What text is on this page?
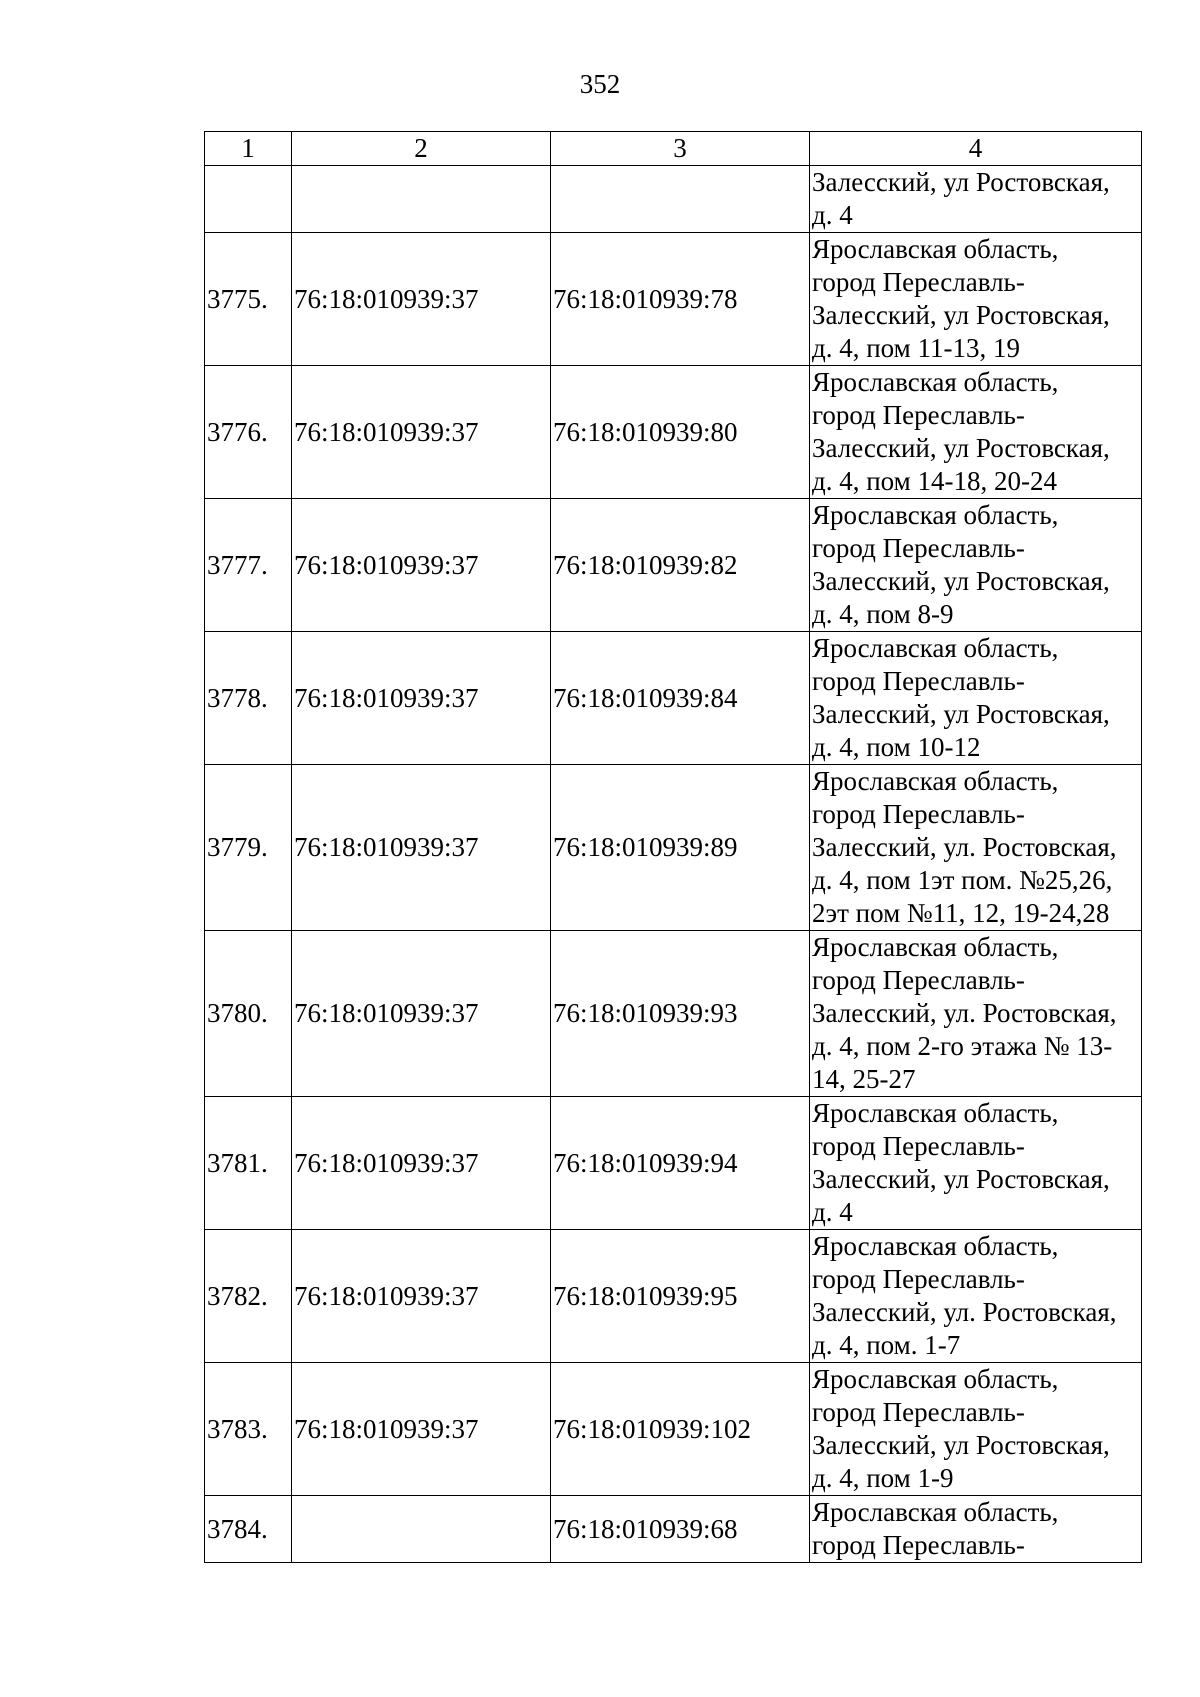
352
1	2	3	4
			Залесский, ул Ростовская,
д. 4
3775.	76:18:010939:37	76:18:010939:78	Ярославская область,
город Переславль-
Залесский, ул Ростовская,
д. 4, пом 11-13, 19
3776.	76:18:010939:37	76:18:010939:80	Ярославская область,
город Переславль-
Залесский, ул Ростовская,
д. 4, пом 14-18, 20-24
3777.	76:18:010939:37	76:18:010939:82	Ярославская область,
город Переславль-
Залесский, ул Ростовская,
д. 4, пом 8-9
3778.	76:18:010939:37	76:18:010939:84	Ярославская область,
город Переславль-
Залесский, ул Ростовская,
д. 4, пом 10-12
3779.	76:18:010939:37	76:18:010939:89	Ярославская область,
город Переславль-
Залесский, ул. Ростовская,
д. 4, пом 1эт пом. №25,26,
2эт пом №11, 12, 19-24,28
3780.	76:18:010939:37	76:18:010939:93	Ярославская область,
город Переславль-
Залесский, ул. Ростовская,
д. 4, пом 2-го этажа № 13-
14, 25-27
3781.	76:18:010939:37	76:18:010939:94	Ярославская область,
город Переславль-
Залесский, ул Ростовская,
д. 4
3782.	76:18:010939:37	76:18:010939:95	Ярославская область,
город Переславль-
Залесский, ул. Ростовская,
д. 4, пом. 1-7
3783.	76:18:010939:37	76:18:010939:102	Ярославская область,
город Переславль-
Залесский, ул Ростовская,
д. 4, пом 1-9
3784.		76:18:010939:68	Ярославская область,
город Переславль-
